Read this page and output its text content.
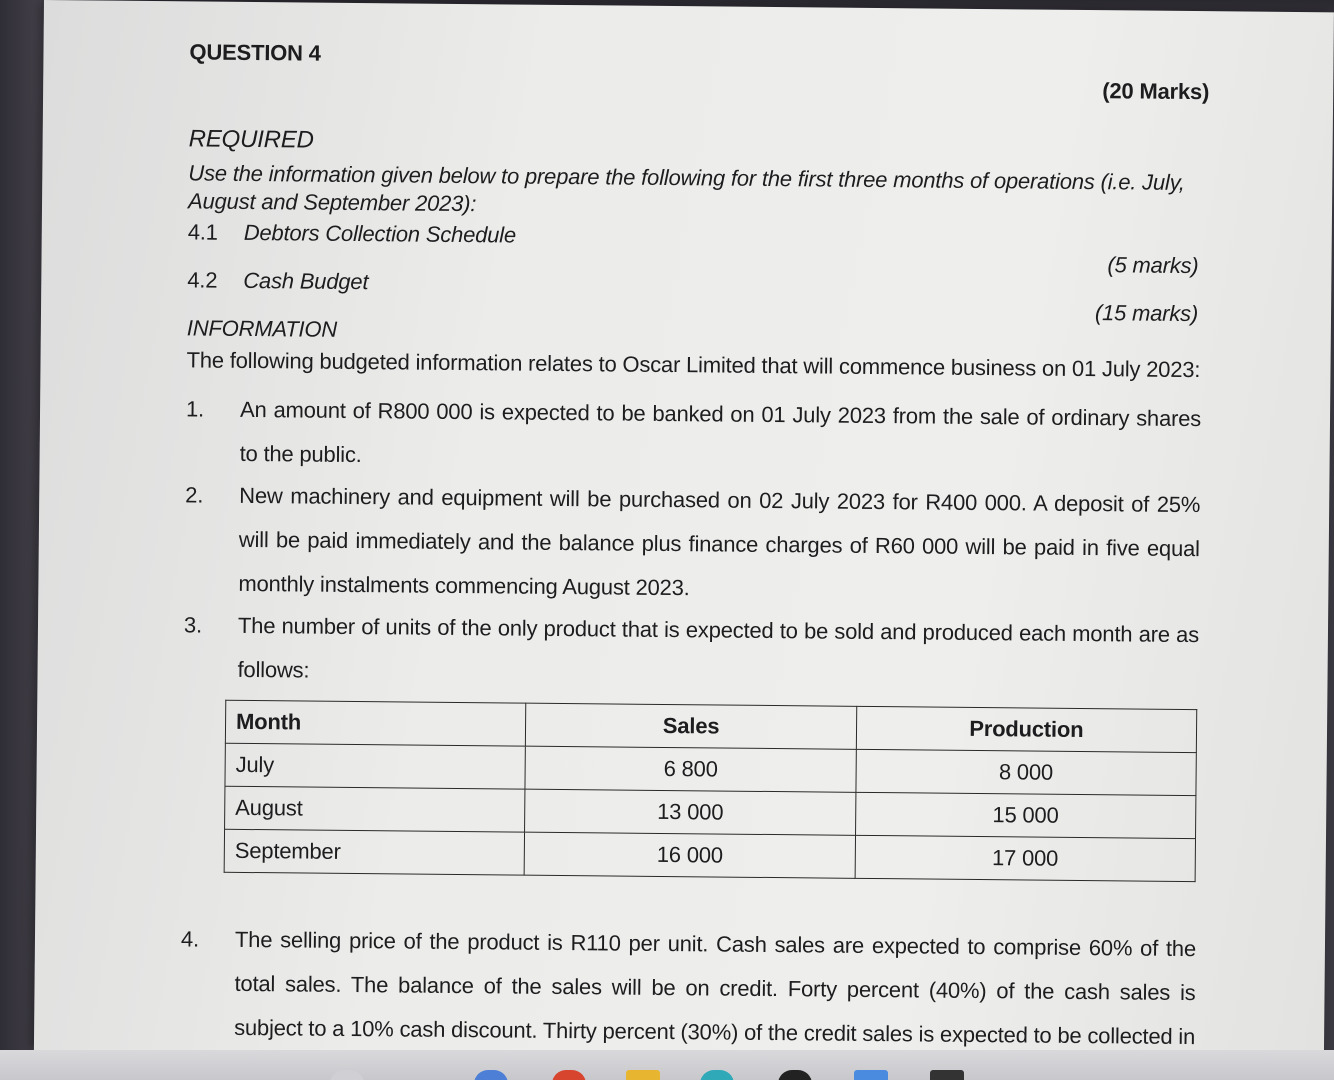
QUESTION 4
(20 Marks)
REQUIRED
Use the information given below to prepare the following for the first three months of operations (i.e. July, August and September 2023):
4.1 Debtors Collection Schedule
(5 marks)
4.2 Cash Budget
(15 marks)
INFORMATION
The following budgeted information relates to Oscar Limited that will commence business on 01 July 2023:
1. An amount of R800 000 is expected to be banked on 01 July 2023 from the sale of ordinary shares to the public.
2. New machinery and equipment will be purchased on 02 July 2023 for R400 000. A deposit of 25% will be paid immediately and the balance plus finance charges of R60 000 will be paid in five equal monthly instalments commencing August 2023.
3. The number of units of the only product that is expected to be sold and produced each month are as follows:
Month	Sales	Production
July	6 800	8 000
August	13 000	15 000
September	16 000	17 000
4. The selling price of the product is R110 per unit. Cash sales are expected to comprise 60% of the total sales. The balance of the sales will be on credit. Forty percent (40%) of the cash sales is subject to a 10% cash discount. Thirty percent (30%) of the credit sales is expected to be collected in
